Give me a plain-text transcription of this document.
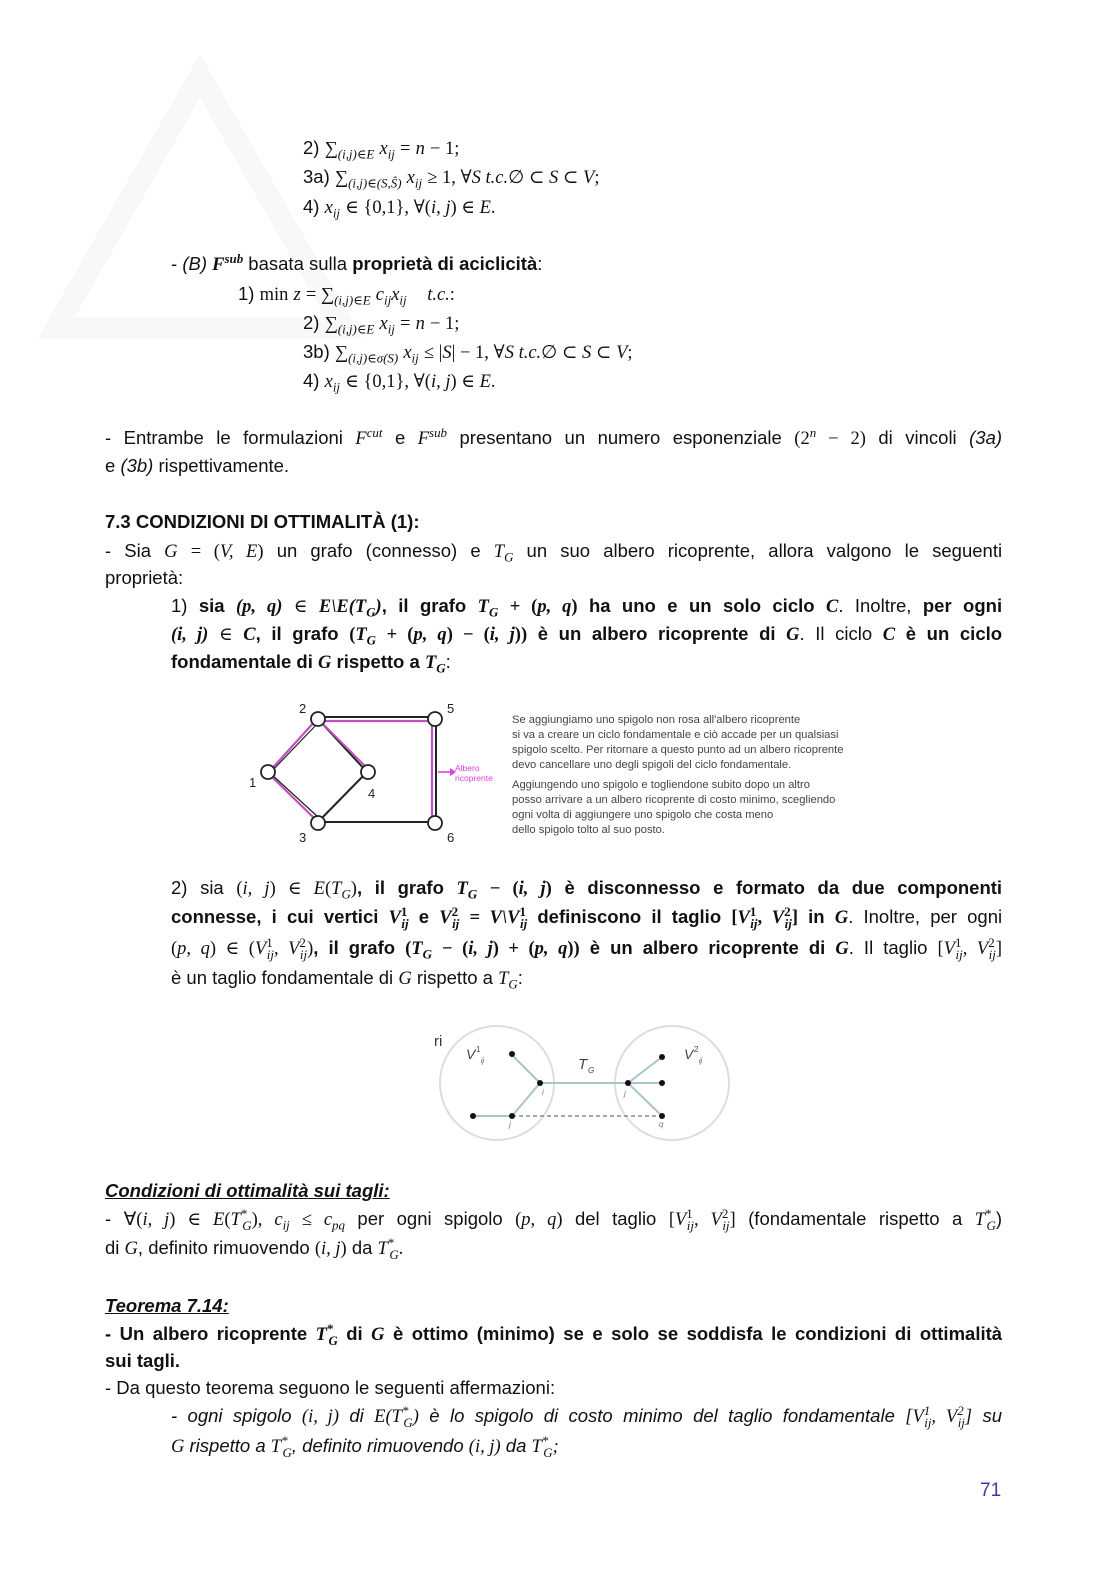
2) $\sum_{(i,j)\in E}$ $x_{ij} = n - 1$;
3a) $\sum_{(i,j)\in(S,Ŝ)}$ $x_{ij} \ge 1$, ∀S t.c.∅ ⊂ S ⊂ V;
4) $x_{ij}$ ∈ {0,1}, ∀(i, j) ∈ E.
- (B) $F^{sub}$ basata sulla proprietà di aciclicità:
1) $\min z = \sum_{(i,j)\in E}$ $c_{ij}x_{ij}$ t.c.:
2) $\sum_{(i,j)\in E}$ $x_{ij} = n - 1$;
3b) $\sum_{(i,j)\in\sigma(S)}$ $x_{ij} \le |S| - 1$, ∀S t.c.∅ ⊂ S ⊂ V;
4) $x_{ij}$ ∈ {0,1}, ∀(i, j) ∈ E.
- Entrambe le formulazioni $F^{cut}$ e $F^{sub}$ presentano un numero esponenziale $(2^n - 2)$ di vincoli (3a)
e (3b) rispettivamente.
7.3 CONDIZIONI DI OTTIMALITÀ (1):
- Sia G = (V, E) un grafo (connesso) e $T_G$ un suo albero ricoprente, allora valgono le seguenti
proprietà:
1) sia (p, q) ∈ $E\backslash E(T_G)$, il grafo $T_G + (p$, q) ha uno e un solo ciclo C. Inoltre, per ogni
(i, j) ∈ C, il grafo ($T_G + (p$, q) − (i, j)) è un albero ricoprente di G. Il ciclo C è un ciclo
fondamentale di G rispetto a $T_G$:
1
2
3
4
5
6
Albero
ricoprente
Se aggiungiamo uno spigolo non rosa all'albero ricoprente
si va a creare un ciclo fondamentale e ciò accade per un qualsiasi
spigolo scelto. Per ritornare a questo punto ad un albero ricoprente
devo cancellare uno degli spigoli del ciclo fondamentale.
Aggiungendo uno spigolo e togliendone subito dopo un altro
posso arrivare a un albero ricoprente di costo minimo, scegliendo
ogni volta di aggiungere uno spigolo che costa meno
dello spigolo tolto al suo posto.
2) sia (i, j) ∈ $E(T_G)$, il grafo $T_G - (i$, j) è disconnesso e formato da due componenti
connesse, i cui vertici $V^1_{ij}$ e $V^2_{ij}$ = $V\backslash V^1_{ij}$ definiscono il taglio [$V^1_{ij}$, $V^2_{ij}$] in G. Inoltre, per ogni
(p, q) ∈ ($V^1_{ij}$, $V^2_{ij}$), il grafo ($T_G - (i$, j) + (p, q)) è un albero ricoprente di G. Il taglio [$V^1_{ij}$, $V^2_{ij}$]
è un taglio fondamentale di G rispetto a $T_G$:
ri
V 1
ij	V 2
ij
T G
i	j
j	q
Condizioni di ottimalità sui tagli:
- ∀(i, j) ∈ $E(T^*_G)$, $c_{ij} \le c_{pq}$ per ogni spigolo (p, q) del taglio [$V^1_{ij}$, $V^2_{ij}$] (fondamentale rispetto a $T^*_G$)
di G, definito rimuovendo (i, j) da $T^*_G$.
Teorema 7.14:
- Un albero ricoprente $T^*_G$ di G è ottimo (minimo) se e solo se soddisfa le condizioni di ottimalità
sui tagli.
- Da questo teorema seguono le seguenti affermazioni:
- ogni spigolo (i, j) di $E(T^*_G)$ è lo spigolo di costo minimo del taglio fondamentale [$V^1_{ij}$, $V^2_{ij}$] su
G rispetto a $T^*_G$, definito rimuovendo (i, j) da $T^*_G$;
71
